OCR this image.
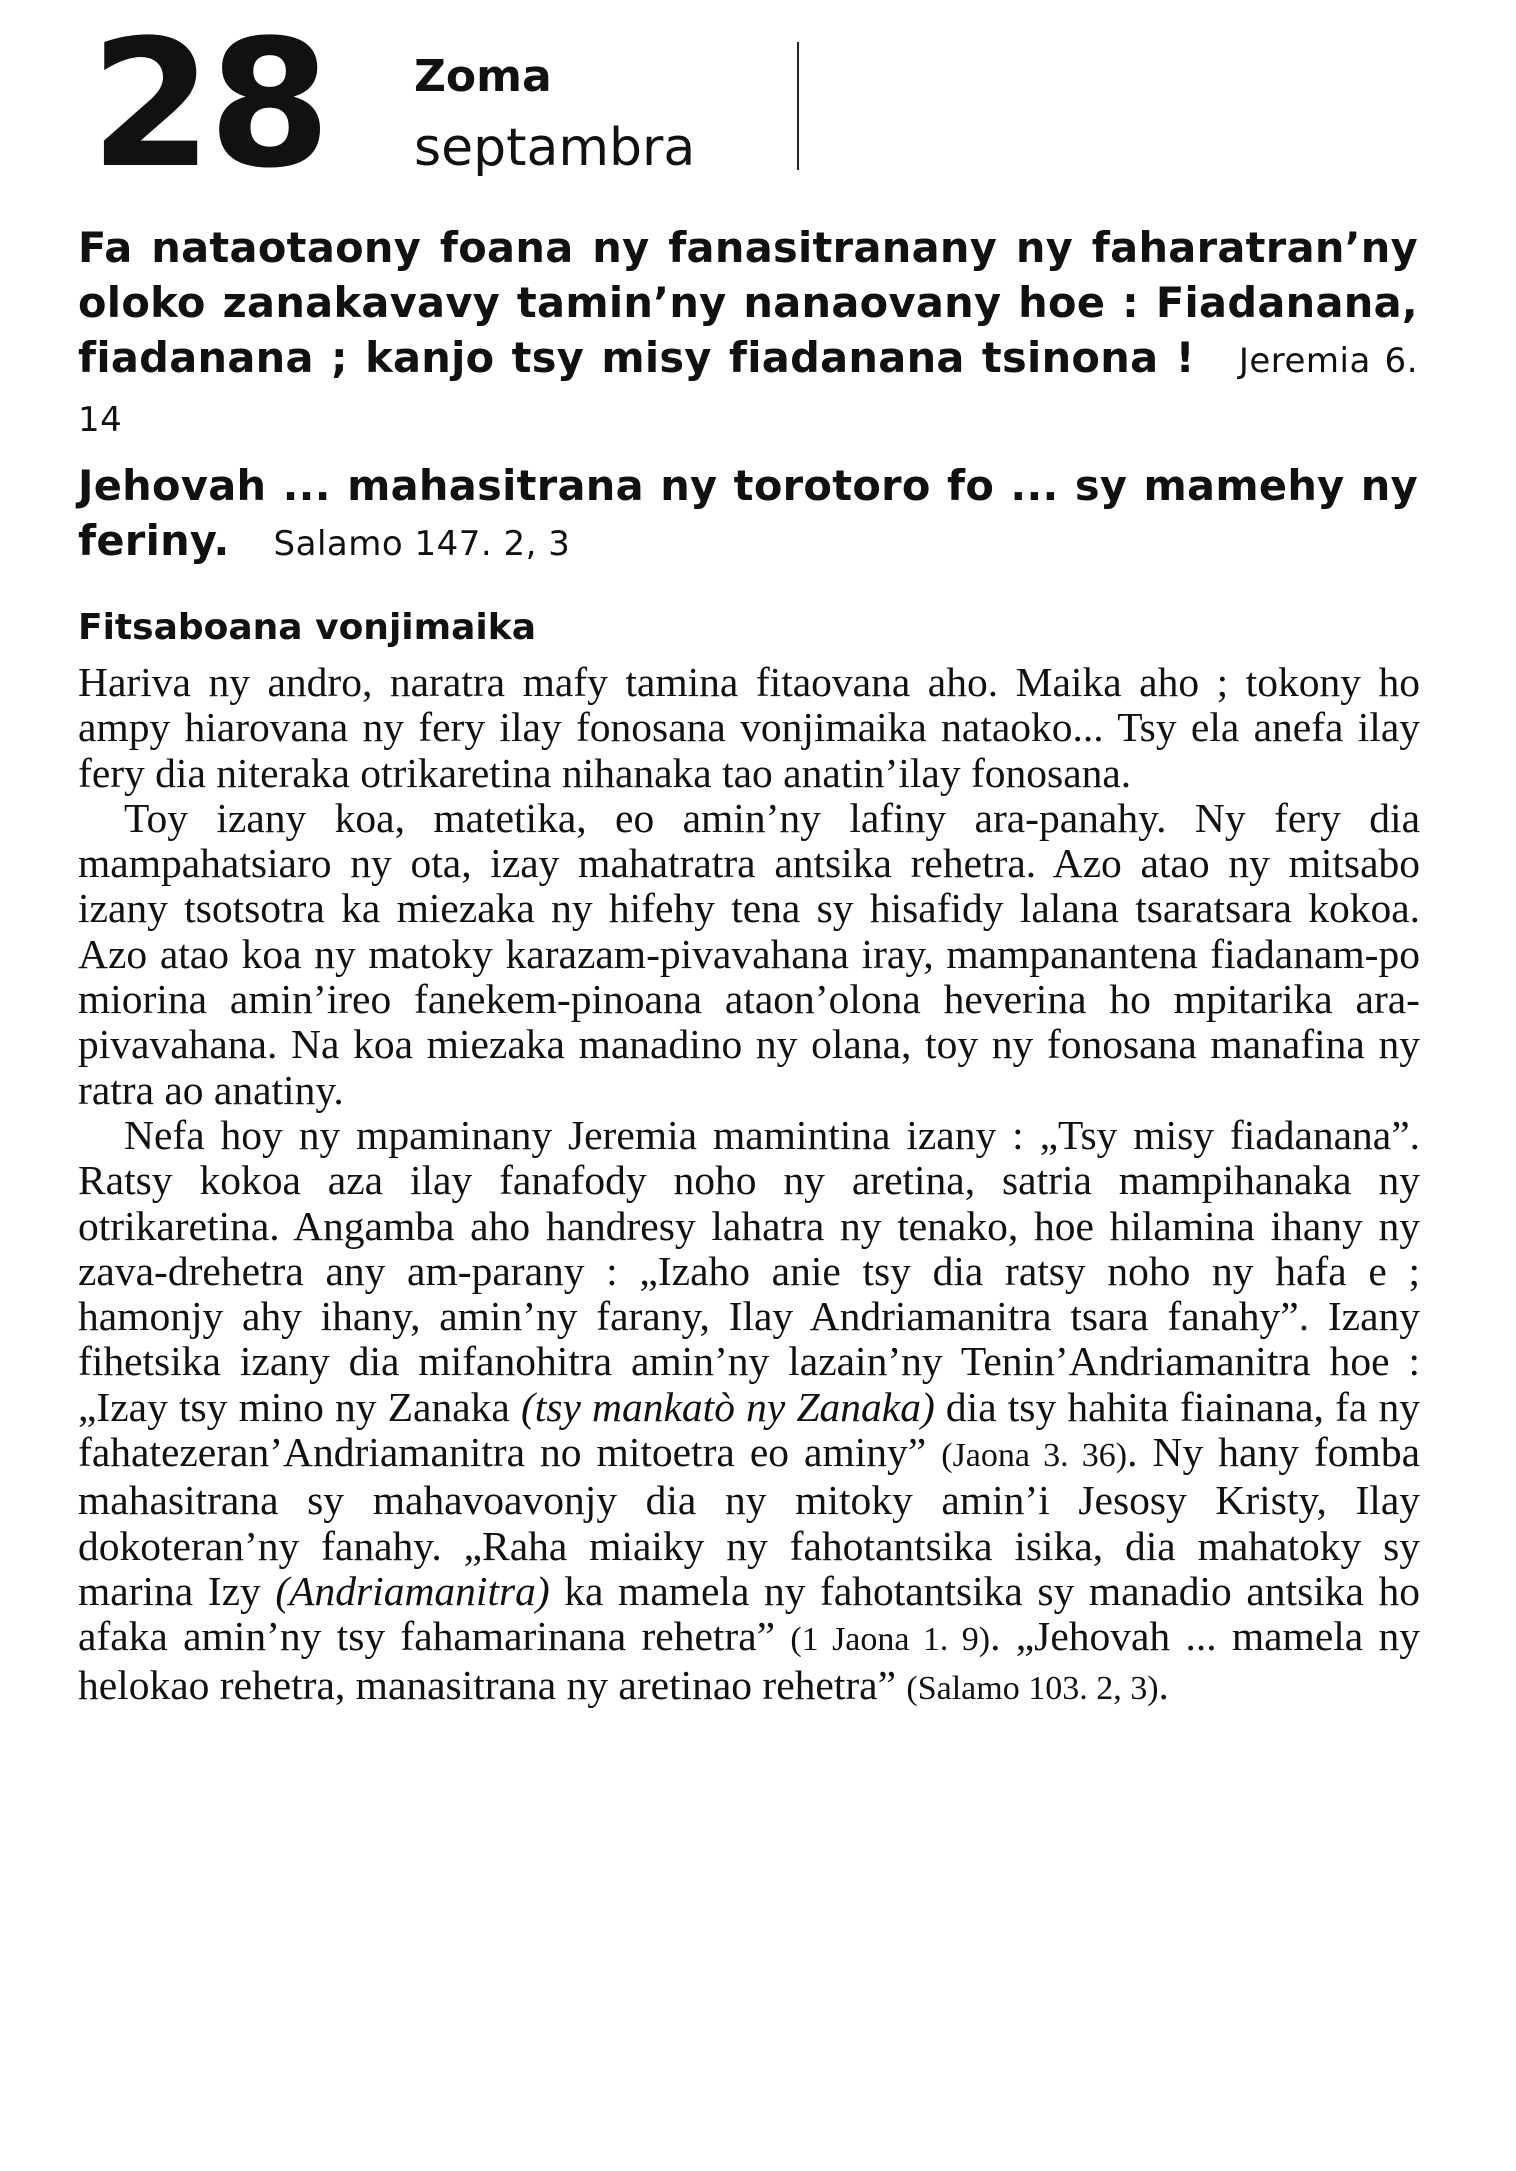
28 Zoma
septambra
Fa nataotaony foana ny fanasitranany ny faharatran’ny oloko zanakavavy tamin’ny nanaovany hoe : Fiadanana, fiadanana ; kanjo tsy misy fiadanana tsinona ! Jeremia 6. 14
Jehovah ... mahasitrana ny torotoro fo ... sy mamehy ny feriny. Salamo 147. 2, 3
Fitsaboana vonjimaika

Hariva ny andro, naratra mafy tamina fitaovana aho. Maika aho ; tokony ho ampy hiarovana ny fery ilay fonosana vonjimaika nataoko... Tsy ela anefa ilay fery dia niteraka otrikaretina nihanaka tao anatin’ilay fonosana.

Toy izany koa, matetika, eo amin’ny lafiny ara-panahy. Ny fery dia mampahatsiaro ny ota, izay mahatratra antsika rehetra. Azo atao ny mitsabo izany tsotsotra ka miezaka ny hifehy tena sy hisafidy lalana tsaratsara kokoa. Azo atao koa ny matoky karazam-pivavahana iray, mampanantena fiadanam-po miorina amin’ireo fanekem-pinoana ataon’olona heverina ho mpitarika ara-pivavahana. Na koa miezaka manadino ny olana, toy ny fonosana manafina ny ratra ao anatiny.

Nefa hoy ny mpaminany Jeremia mamintina izany : „Tsy misy fiadanana”. Ratsy kokoa aza ilay fanafody noho ny aretina, satria mampihanaka ny otrikaretina. Angamba aho handresy lahatra ny tenako, hoe hilamina ihany ny zava-drehetra any am-parany : „Izaho anie tsy dia ratsy noho ny hafa e ; hamonjy ahy ihany, amin’ny farany, Ilay Andriamanitra tsara fanahy”. Izany fihetsika izany dia mifanohitra amin’ny lazain’ny Tenin’Andriamanitra hoe : „Izay tsy mino ny Zanaka (tsy mankatò ny Zanaka) dia tsy hahita fiainana, fa ny fahatezeran’Andriamanitra no mitoetra eo aminy” (Jaona 3. 36). Ny hany fomba mahasitrana sy mahavoavonjy dia ny mitoky amin’i Jesosy Kristy, Ilay dokoteran’ny fanahy. „Raha miaiky ny fahotantsika isika, dia mahatoky sy marina Izy (Andriamanitra) ka mamela ny fahotantsika sy manadio antsika ho afaka amin’ny tsy fahamarinana rehetra” (1 Jaona 1. 9). „Jehovah ... mamela ny helokao rehetra, manasitrana ny aretinao rehetra” (Salamo 103. 2, 3).
